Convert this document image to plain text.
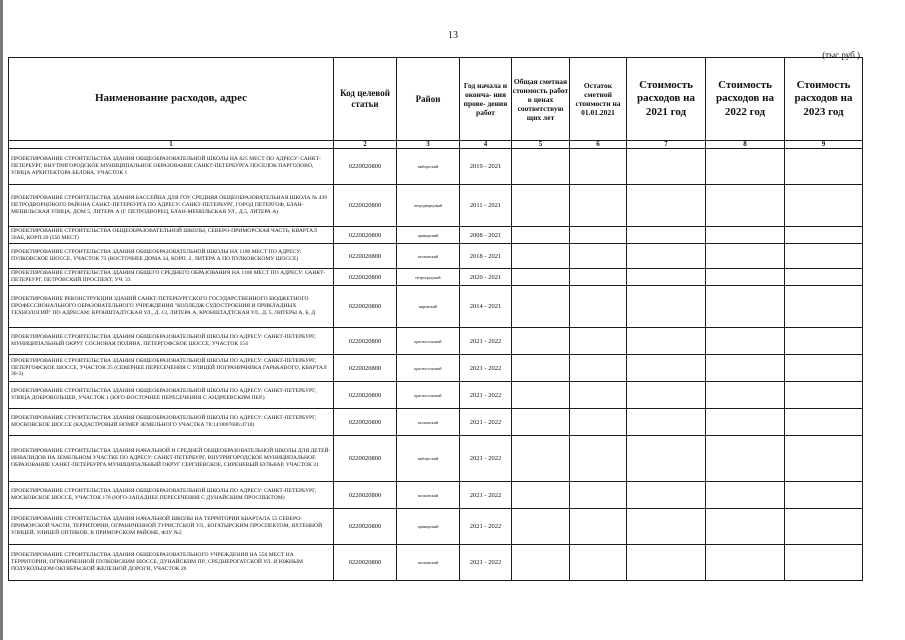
13
(тыс.руб.)
Наименование расходов, адрес	Код целевой статьи	Район	Год начала и оконча- ния прове- дения работ	Общая сметная стоимость работ в ценах соответствую щих лет	Остаток сметной стоимости на 01.01.2021	Стоимость расходов на 2021 год	Стоимость расходов на 2022 год	Стоимость расходов на 2023 год
1	2	3	4	5	6	7	8	9
ПРОЕКТИРОВАНИЕ СТРОИТЕЛЬСТВА ЗДАНИЯ ОБЩЕОБРАЗОВАТЕЛЬНОЙ ШКОЛЫ НА 825 МЕСТ ПО АДРЕСУ: САНКТ-ПЕТЕРБУРГ, ВНУТРИГОРОДСКОЕ МУНИЦИПАЛЬНОЕ ОБРАЗОВАНИЕ САНКТ-ПЕТЕРБУРГА ПОСЕЛОК ПАРГОЛОВО, УЛИЦА АРХИТЕКТОРА БЕЛОВА, УЧАСТОК 1	0220020800	выборгский	2019 - 2021					
ПРОЕКТИРОВАНИЕ СТРОИТЕЛЬСТВА ЗДАНИЯ БАССЕЙНА ДЛЯ ГОУ СРЕДНЯЯ ОБЩЕОБРАЗОВАТЕЛЬНАЯ ШКОЛА № 439 ПЕТРОДВОРЦОВОГО РАЙОНА САНКТ-ПЕТЕРБУРГА ПО АДРЕСУ: САНКТ-ПЕТЕРБУРГ, ГОРОД ПЕТЕРГОФ, БЛАН-МЕНИЛЬСКАЯ УЛИЦА, ДОМ 5, ЛИТЕРА А (Г. ПЕТРОДВОРЕЦ, БЛАН-МЕНИЛЬСКАЯ УЛ., Д.5, ЛИТЕРА А)	0220020800	петродворцовый	2011 - 2021					
ПРОЕКТИРОВАНИЕ СТРОИТЕЛЬСТВА ОБЩЕОБРАЗОВАТЕЛЬНОЙ ШКОЛЫ, СЕВЕРО-ПРИМОРСКАЯ ЧАСТЬ, КВАРТАЛ 56АБ, КОРП.39 (550 МЕСТ)	0220020800	приморский	2008 - 2021					
ПРОЕКТИРОВАНИЕ СТРОИТЕЛЬСТВА ЗДАНИЯ ОБЩЕОБРАЗОВАТЕЛЬНОЙ ШКОЛЫ НА 1100 МЕСТ ПО АДРЕСУ: ПУЛКОВСКОЕ ШОССЕ, УЧАСТОК 73 (ВОСТОЧНЕЕ ДОМА 34, КОРП. 2, ЛИТЕРА А ПО ПУЛКОВСКОМУ ШОССЕ)	0220020800	московский	2018 - 2021					
ПРОЕКТИРОВАНИЕ СТРОИТЕЛЬСТВА ЗДАНИЯ ОБЩЕГО СРЕДНЕГО ОБРАЗОВАНИЯ НА 1100 МЕСТ ПО АДРЕСУ: САНКТ-ПЕТЕРБУРГ, ПЕТРОВСКИЙ ПРОСПЕКТ, УЧ. 33	0220020800	петроградский	2020 - 2021					
ПРОЕКТИРОВАНИЕ РЕКОНСТРУКЦИИ ЗДАНИЙ САНКТ-ПЕТЕРБУРГСКОГО ГОСУДАРСТВЕННОГО БЮДЖЕТНОГО ПРОФЕССИОНАЛЬНОГО ОБРАЗОВАТЕЛЬНОГО УЧРЕЖДЕНИЯ "КОЛЛЕДЖ СУДОСТРОЕНИЯ И ПРИКЛАДНЫХ ТЕХНОЛОГИЙ" ПО АДРЕСАМ: КРОНШТАДТСКАЯ УЛ., Д. 13, ЛИТЕРА А, КРОНШТАДТСКАЯ УЛ., Д. 5, ЛИТЕРЫ А, Б, Д	0220020800	кировский	2014 - 2021					
ПРОЕКТИРОВАНИЕ СТРОИТЕЛЬСТВА ЗДАНИЯ ОБЩЕОБРАЗОВАТЕЛЬНОЙ ШКОЛЫ ПО АДРЕСУ: САНКТ-ПЕТЕРБУРГ, МУНИЦИПАЛЬНЫЙ ОКРУГ СОСНОВАЯ ПОЛЯНА, ПЕТЕРГОФСКОЕ ШОССЕ, УЧАСТОК 154	0220020800	красносельский	2021 - 2022					
ПРОЕКТИРОВАНИЕ СТРОИТЕЛЬСТВА ЗДАНИЯ ОБЩЕОБРАЗОВАТЕЛЬНОЙ ШКОЛЫ ПО АДРЕСУ: САНКТ-ПЕТЕРБУРГ, ПЕТЕРГОФСКОЕ ШОССЕ, УЧАСТОК 25 (СЕВЕРНЕЕ ПЕРЕСЕЧЕНИЯ С УЛИЦЕЙ ПОГРАНИЧНИКА ГАРЬКАВОГО, КВАРТАЛ 30-3)	0220020800	красносельский	2021 - 2022					
ПРОЕКТИРОВАНИЕ СТРОИТЕЛЬСТВА ЗДАНИЯ ОБЩЕОБРАЗОВАТЕЛЬНОЙ ШКОЛЫ ПО АДРЕСУ: САНКТ-ПЕТЕРБУРГ, УЛИЦА ДОБРОВОЛЬЦЕВ, УЧАСТОК 1 (ЮГО-ВОСТОЧНЕЕ ПЕРЕСЕЧЕНИЯ С АНДРЕЕВСКИМ ПЕР.)	0220020800	красносельский	2021 - 2022					
ПРОЕКТИРОВАНИЕ СТРОИТЕЛЬСТВА ЗДАНИЯ ОБЩЕОБРАЗОВАТЕЛЬНОЙ ШКОЛЫ ПО АДРЕСУ: САНКТ-ПЕТЕРБУРГ, МОСКОВСКОЕ ШОССЕ (КАДАСТРОВЫЙ НОМЕР ЗЕМЕЛЬНОГО УЧАСТКА 78:14:0007686:4718)	0220020800	московский	2021 - 2022					
ПРОЕКТИРОВАНИЕ СТРОИТЕЛЬСТВА ЗДАНИЯ НАЧАЛЬНОЙ И СРЕДНЕЙ ОБЩЕОБРАЗОВАТЕЛЬНОЙ ШКОЛЫ ДЛЯ ДЕТЕЙ-ИНВАЛИДОВ НА ЗЕМЕЛЬНОМ УЧАСТКЕ ПО АДРЕСУ: САНКТ-ПЕТЕРБУРГ, ВНУТРИГОРОДСКОЕ МУНИЦИПАЛЬНОЕ ОБРАЗОВАНИЕ САНКТ-ПЕТЕРБУРГА МУНИЦИПАЛЬНЫЙ ОКРУГ СЕРГИЕВСКОЕ, СИРЕНЕВЫЙ БУЛЬВАР, УЧАСТОК 31	0220020800	выборгский	2021 - 2022					
ПРОЕКТИРОВАНИЕ СТРОИТЕЛЬСТВА ЗДАНИЯ ОБЩЕОБРАЗОВАТЕЛЬНОЙ ШКОЛЫ ПО АДРЕСУ: САНКТ-ПЕТЕРБУРГ, МОСКОВСКОЕ ШОССЕ, УЧАСТОК 178 (ЮГО-ЗАПАДНЕЕ ПЕРЕСЕЧЕНИЯ С ДУНАЙСКИМ ПРОСПЕКТОМ)	0220020800	московский	2021 - 2022					
ПРОЕКТИРОВАНИЕ СТРОИТЕЛЬСТВА ЗДАНИЯ НАЧАЛЬНОЙ ШКОЛЫ НА ТЕРРИТОРИИ КВАРТАЛА 55 СЕВЕРО-ПРИМОРСКОЙ ЧАСТИ, ТЕРРИТОРИИ, ОГРАНИЧЕННОЙ ТУРИСТСКОЙ УЛ., БОГАТЫРСКИМ ПРОСПЕКТОМ, ЯХТЕННОЙ УЛИЦЕЙ, УЛИЦЕЙ ОПТИКОВ, В ПРИМОРСКОМ РАЙОНЕ, ФЗУ №2	0220020800	приморский	2021 - 2022					
ПРОЕКТИРОВАНИЕ СТРОИТЕЛЬСТВА ЗДАНИЯ ОБЩЕОБРАЗОВАТЕЛЬНОГО УЧРЕЖДЕНИЯ НА 550 МЕСТ НА ТЕРРИТОРИИ, ОГРАНИЧЕННОЙ ПУЛКОВСКИМ ШОССЕ, ДУНАЙСКИМ ПР., СРЕДНЕРОГАТСКОЙ УЛ. И ЮЖНЫМ ПОЛУКОЛЬЦОМ ОКТЯБРЬСКОЙ ЖЕЛЕЗНОЙ ДОРОГИ, УЧАСТОК 26	0220020800	московский	2021 - 2022					
